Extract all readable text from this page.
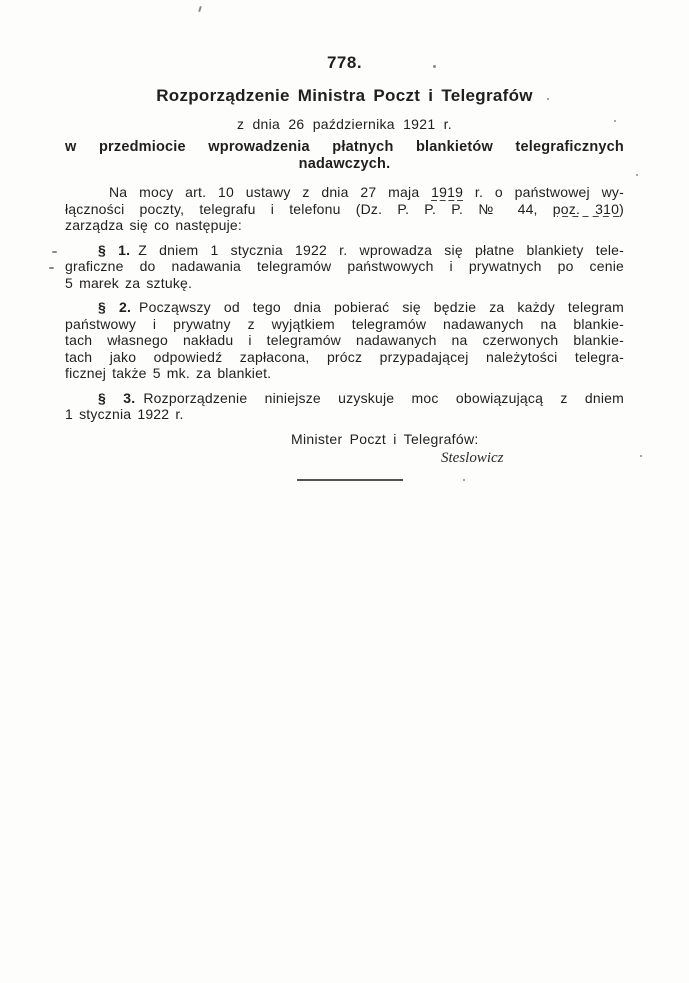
778.
Rozporządzenie Ministra Poczt i Telegrafów
z dnia 26 października 1921 r.
w przedmiocie wprowadzenia płatnych blankietów telegraficznych
nadawczych.
Na mocy art. 10 ustawy z dnia 27 maja 1919 r. o państwowej wy-
łączności poczty, telegrafu i telefonu (Dz. P. P. P. № 44, poz. 310)
zarządza się co następuje:
§ 1. Z dniem 1 stycznia 1922 r. wprowadza się płatne blankiety tele-
graficzne do nadawania telegramów państwowych i prywatnych po cenie
5 marek za sztukę.
§ 2. Począwszy od tego dnia pobierać się będzie za każdy telegram
państwowy i prywatny z wyjątkiem telegramów nadawanych na blankie-
tach własnego nakładu i telegramów nadawanych na czerwonych blankie-
tach jako odpowiedź zapłacona, prócz przypadającej należytości telegra-
ficznej także 5 mk. za blankiet.
§ 3. Rozporządzenie niniejsze uzyskuje moc obowiązującą z dniem
1 stycznia 1922 r.
Minister Poczt i Telegrafów:
Steslowicz
